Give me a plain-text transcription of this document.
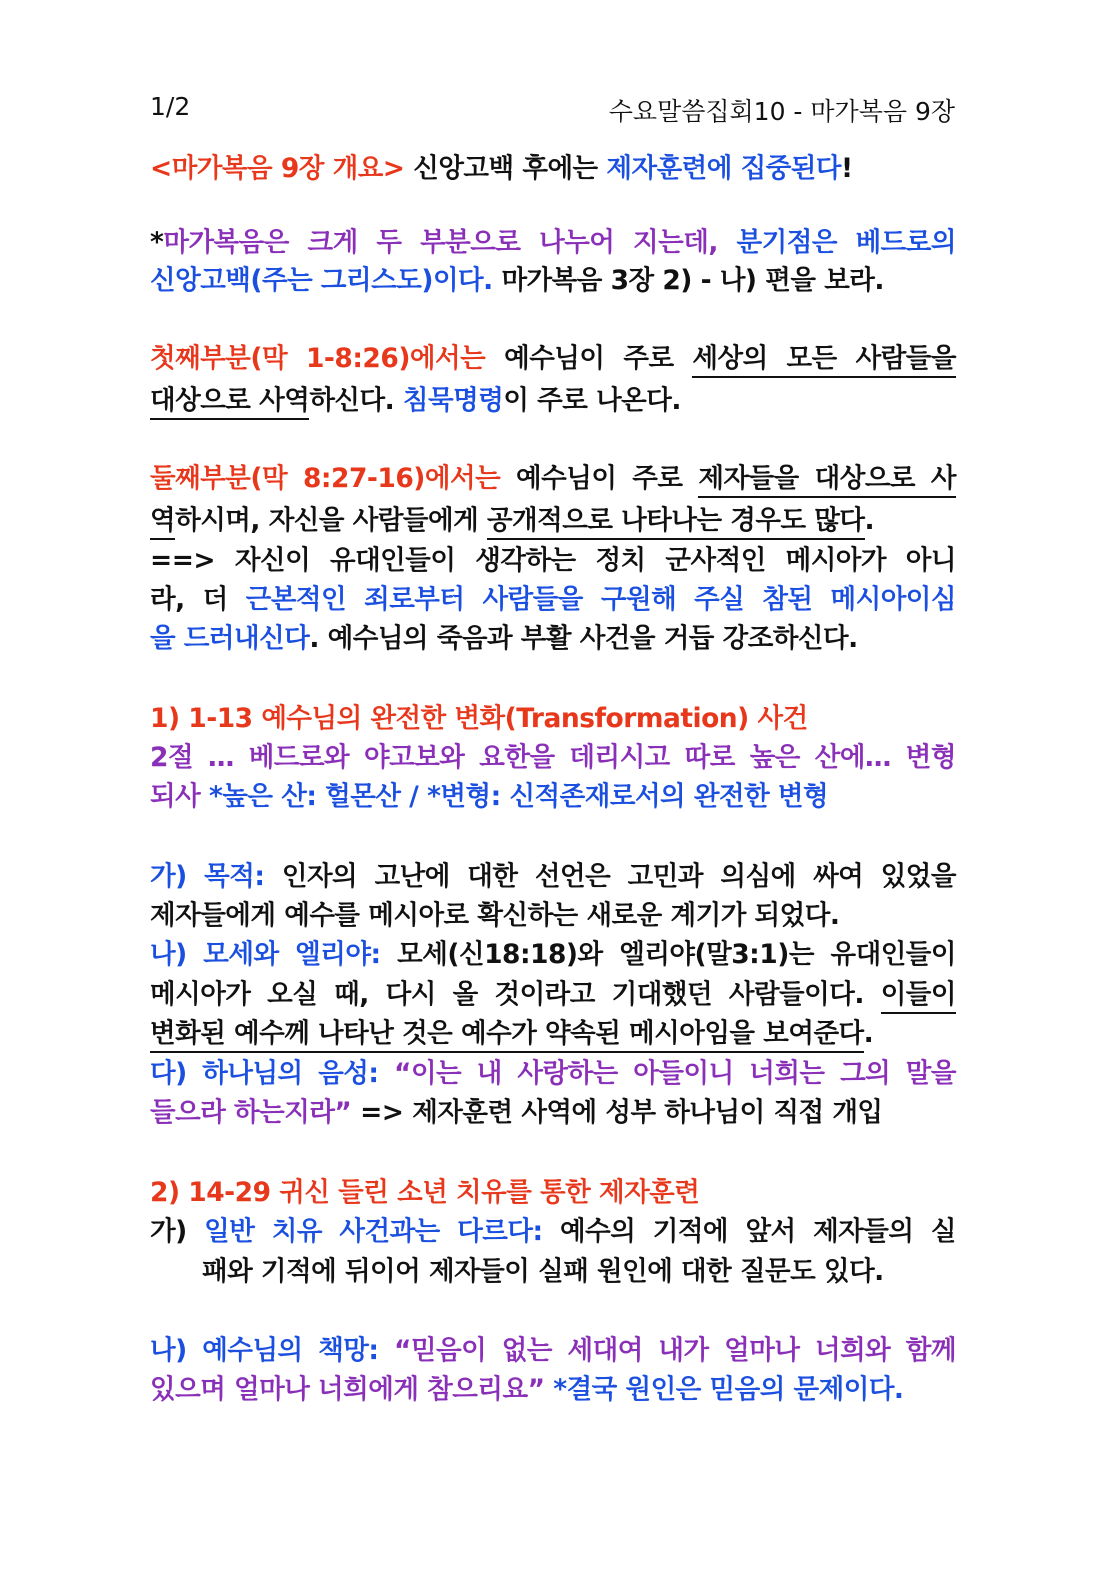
1/2	수요말씀집회10 - 마가복음 9장
<마가복음 9장 개요> 신앙고백 후에는 제자훈련에 집중된다!
*마가복음은 크게 두 부분으로 나누어 지는데, 분기점은 베드로의
신앙고백(주는 그리스도)이다. 마가복음 3장 2) - 나) 편을 보라.
첫째부분(막 1-8:26)에서는 예수님이 주로 세상의 모든 사람들을
대상으로 사역하신다. 침묵명령이 주로 나온다.
둘째부분(막 8:27-16)에서는 예수님이 주로 제자들을 대상으로 사
역하시며, 자신을 사람들에게 공개적으로 나타나는 경우도 많다.
==> 자신이 유대인들이 생각하는 정치 군사적인 메시아가 아니
라, 더 근본적인 죄로부터 사람들을 구원해 주실 참된 메시아이심
을 드러내신다. 예수님의 죽음과 부활 사건을 거듭 강조하신다.
1) 1-13 예수님의 완전한 변화(Transformation) 사건
2절 … 베드로와 야고보와 요한을 데리시고 따로 높은 산에… 변형
되사 *높은 산: 헐몬산 / *변형: 신적존재로서의 완전한 변형
가) 목적: 인자의 고난에 대한 선언은 고민과 의심에 싸여 있었을
제자들에게 예수를 메시아로 확신하는 새로운 계기가 되었다.
나) 모세와 엘리야: 모세(신18:18)와 엘리야(말3:1)는 유대인들이
메시아가 오실 때, 다시 올 것이라고 기대했던 사람들이다. 이들이
변화된 예수께 나타난 것은 예수가 약속된 메시아임을 보여준다.
다) 하나님의 음성: “이는 내 사랑하는 아들이니 너희는 그의 말을
들으라 하는지라” => 제자훈련 사역에 성부 하나님이 직접 개입
2) 14-29 귀신 들린 소년 치유를 통한 제자훈련
가) 일반 치유 사건과는 다르다: 예수의 기적에 앞서 제자들의 실
패와 기적에 뒤이어 제자들이 실패 원인에 대한 질문도 있다.
나) 예수님의 책망: “믿음이 없는 세대여 내가 얼마나 너희와 함께
있으며 얼마나 너희에게 참으리요” *결국 원인은 믿음의 문제이다.
